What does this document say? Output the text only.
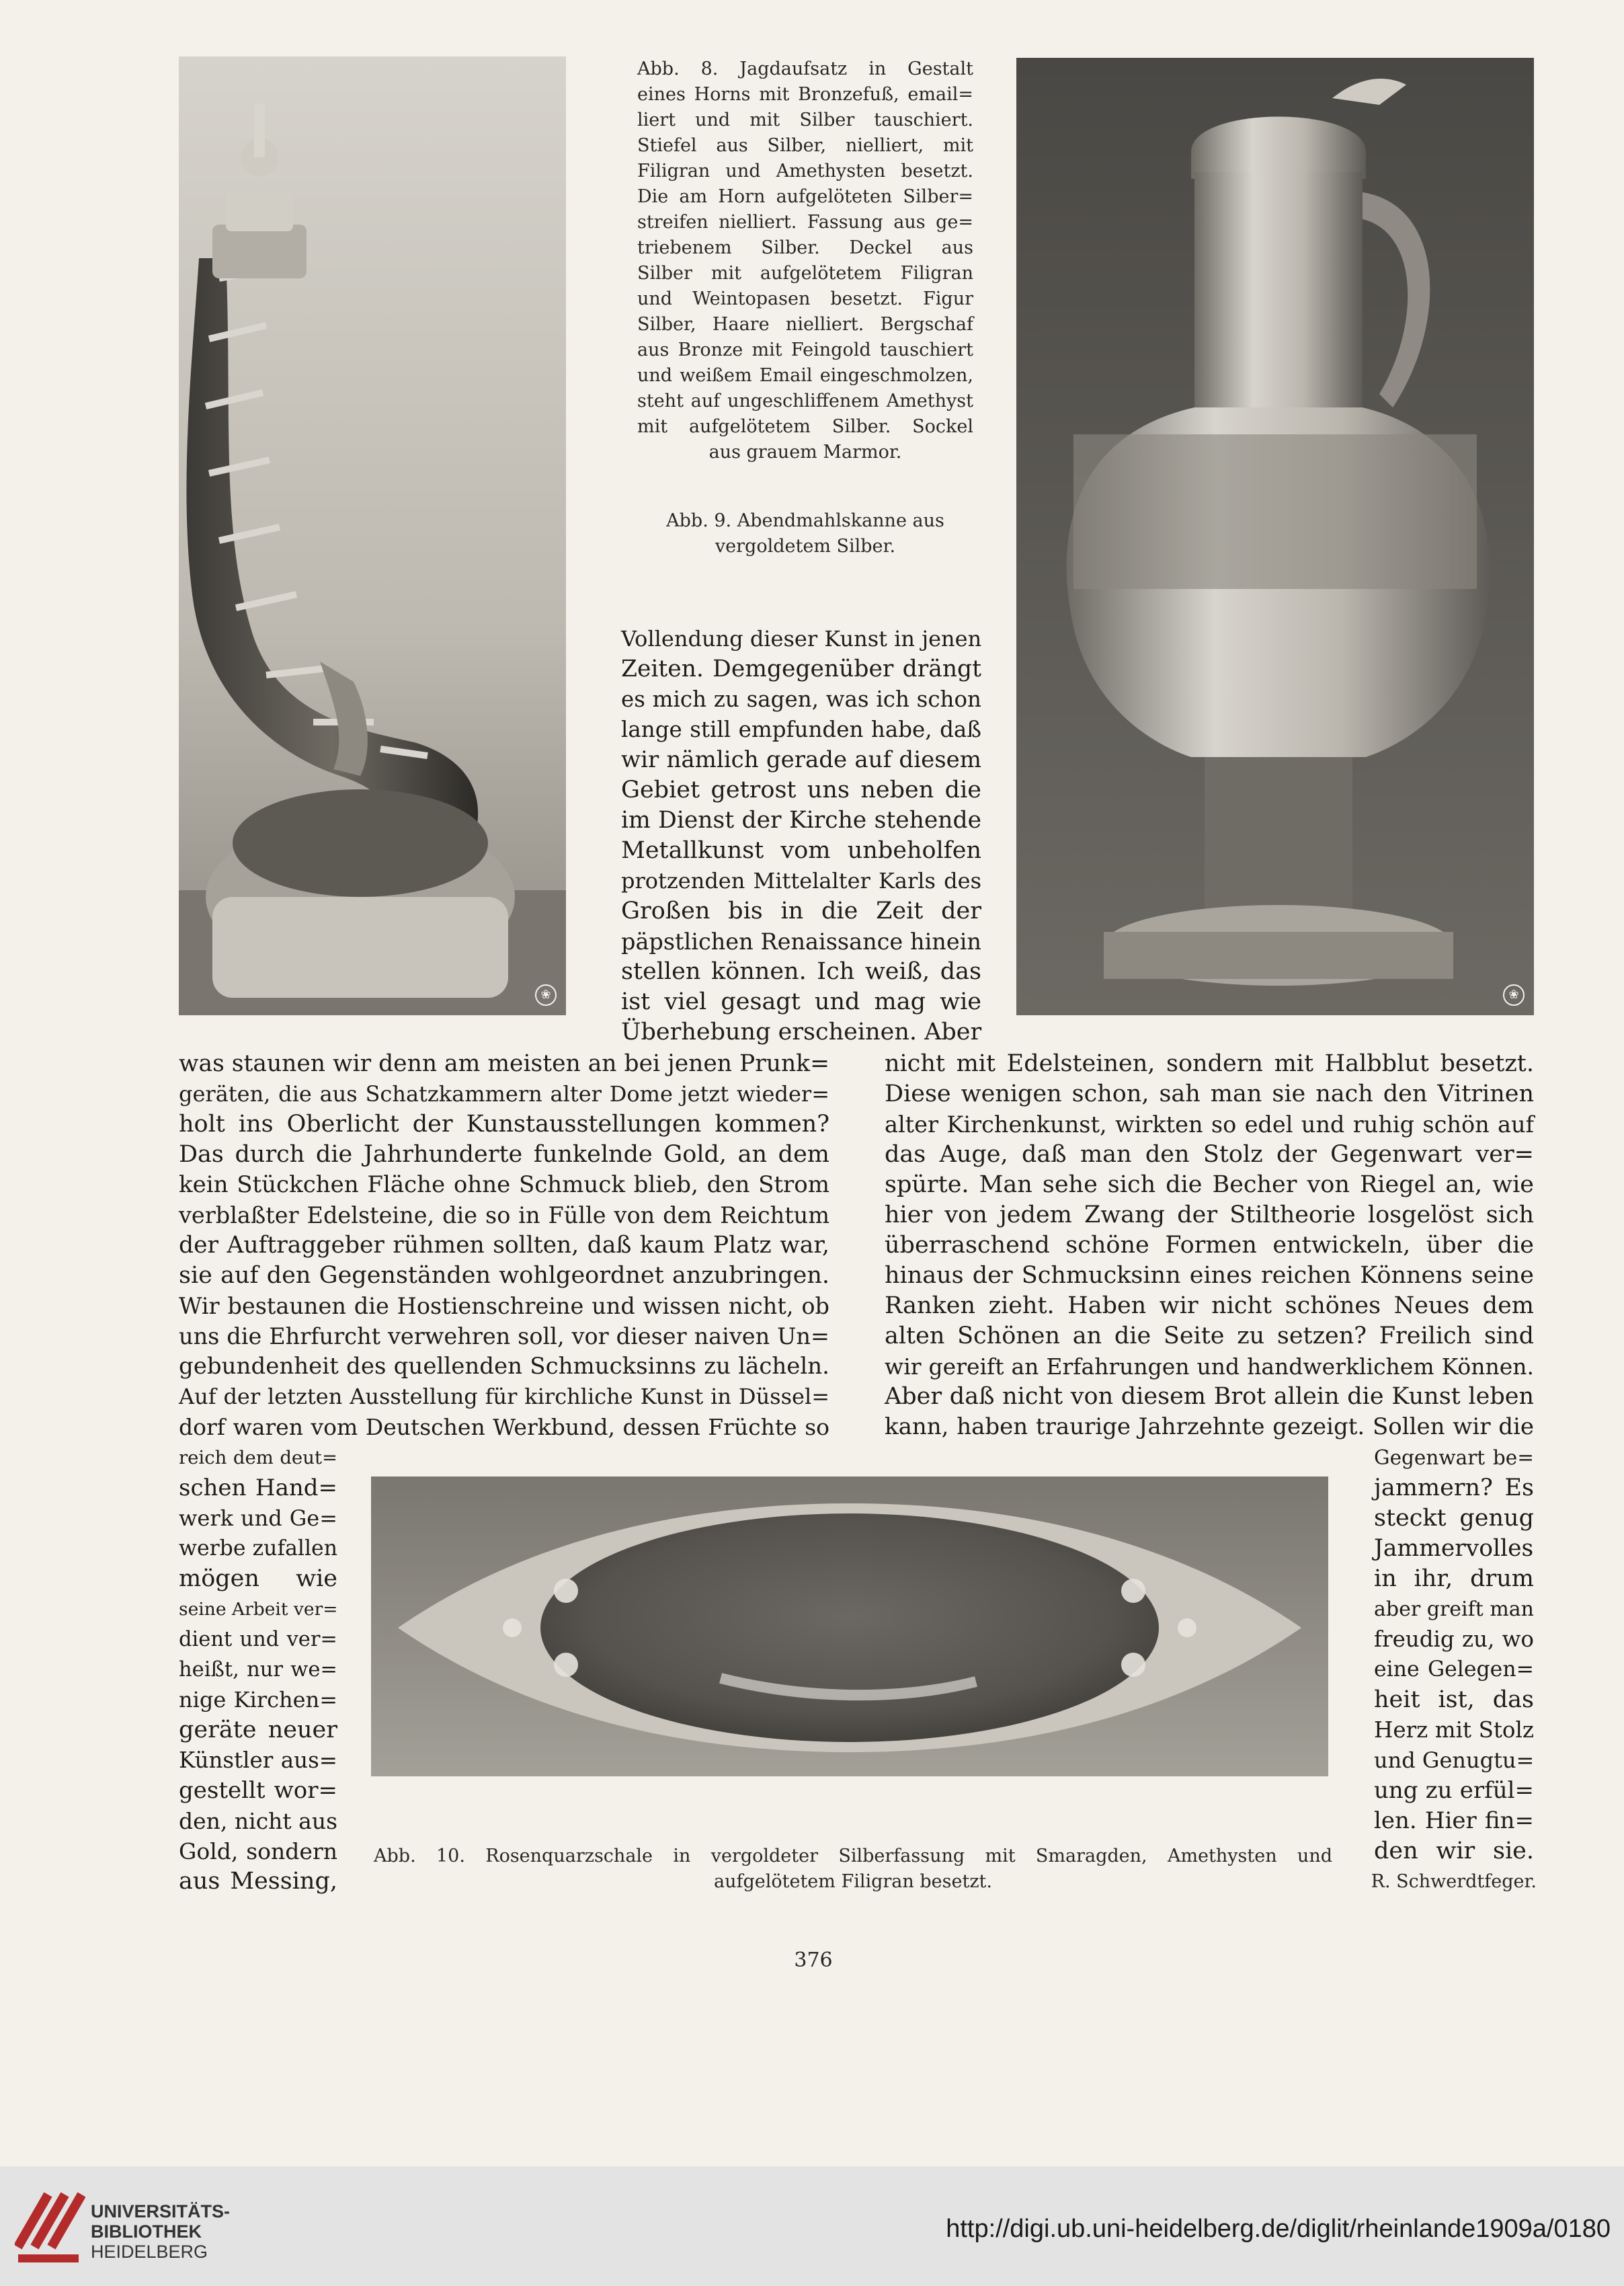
❀	❀

Abb. 8. Jagdaufsatz in Gestalt

eines Horns mit Bronzefuß, email=

liert und mit Silber tauschiert.

Stiefel aus Silber, nielliert, mit

Filigran und Amethysten besetzt.

Die am Horn aufgelöteten Silber=

streifen nielliert. Fassung aus ge=

triebenem Silber. Deckel aus

Silber mit aufgelötetem Filigran

und Weintopasen besetzt. Figur

Silber, Haare nielliert. Bergschaf

aus Bronze mit Feingold tauschiert

und weißem Email eingeschmolzen,

steht auf ungeschliffenem Amethyst

mit aufgelötetem Silber. Sockel

aus grauem Marmor.

Abb. 9. Abendmahlskanne aus

vergoldetem Silber.

Vollendung dieser Kunst in jenen
Zeiten. Demgegenüber drängt
es mich zu sagen, was ich schon
lange still empfunden habe, daß
wir nämlich gerade auf diesem
Gebiet getrost uns neben die
im Dienst der Kirche stehende
Metallkunst vom unbeholfen
protzenden Mittelalter Karls des
Großen bis in die Zeit der
päpstlichen Renaissance hinein
stellen können. Ich weiß, das
ist viel gesagt und mag wie
Überhebung erscheinen. Aber
was staunen wir denn am meisten an bei jenen Prunk=
geräten, die aus Schatzkammern alter Dome jetzt wieder=
holt ins Oberlicht der Kunstausstellungen kommen?
Das durch die Jahrhunderte funkelnde Gold, an dem
kein Stückchen Fläche ohne Schmuck blieb, den Strom
verblaßter Edelsteine, die so in Fülle von dem Reichtum
der Auftraggeber rühmen sollten, daß kaum Platz war,
sie auf den Gegenständen wohlgeordnet anzubringen.
Wir bestaunen die Hostienschreine und wissen nicht, ob
uns die Ehrfurcht verwehren soll, vor dieser naiven Un=
gebundenheit des quellenden Schmucksinns zu lächeln.
Auf der letzten Ausstellung für kirchliche Kunst in Düssel=
dorf waren vom Deutschen Werkbund, dessen Früchte so
nicht mit Edelsteinen, sondern mit Halbblut besetzt.
Diese wenigen schon, sah man sie nach den Vitrinen
alter Kirchenkunst, wirkten so edel und ruhig schön auf
das Auge, daß man den Stolz der Gegenwart ver=
spürte. Man sehe sich die Becher von Riegel an, wie
hier von jedem Zwang der Stiltheorie losgelöst sich
überraschend schöne Formen entwickeln, über die
hinaus der Schmucksinn eines reichen Könnens seine
Ranken zieht. Haben wir nicht schönes Neues dem
alten Schönen an die Seite zu setzen? Freilich sind
wir gereift an Erfahrungen und handwerklichem Können.
Aber daß nicht von diesem Brot allein die Kunst leben
kann, haben traurige Jahrzehnte gezeigt. Sollen wir die
reich dem deut=
schen Hand=
werk und Ge=
werbe zufallen
mögen wie
seine Arbeit ver=
dient und ver=
heißt, nur we=
nige Kirchen=
geräte neuer
Künstler aus=
gestellt wor=
den, nicht aus
Gold, sondern
aus Messing,
Gegenwart be=
jammern? Es
steckt genug
Jammervolles
in ihr, drum
aber greift man
freudig zu, wo
eine Gelegen=
heit ist, das
Herz mit Stolz
und Genugtu=
ung zu erfül=
len. Hier fin=
den wir sie.

Abb. 10. Rosenquarzschale in vergoldeter Silberfassung mit Smaragden, Amethysten und

aufgelötetem Filigran besetzt.	R. Schwerdtfeger.
376
UNIVERSITÄTS-
BIBLIOTHEK
HEIDELBERG
http://digi.ub.uni-heidelberg.de/diglit/rheinlande1909a/0180
